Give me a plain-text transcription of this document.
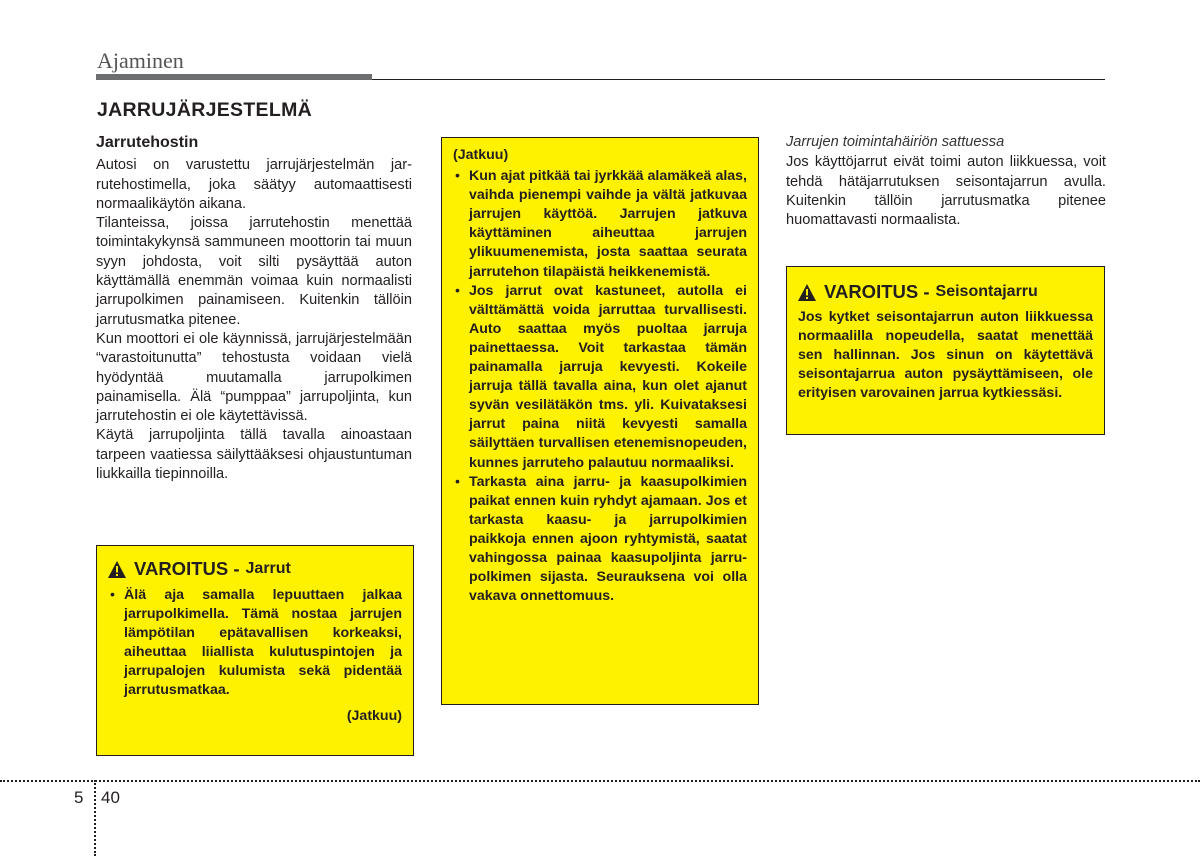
Ajaminen
JARRUJÄRJESTELMÄ

Jarrutehostin

Autosi on varustettu jarrujärjestelmän jarrutehostimella, joka säätyy automaattisesti normaalikäytön aikana.

Tilanteissa, joissa jarrutehostin menettää toimintakykynsä sammuneen moottorin tai muun syyn johdosta, voit silti pysäyttää auton käyttämällä enemmän voimaa kuin normaalisti jarrupolkimen painamiseen. Kuitenkin tällöin jarrutusmatka pitenee.

Kun moottori ei ole käynnissä, jarrujärjestelmään “varastoitunutta” tehostusta voidaan vielä hyödyntää muutamalla jarrupolkimen painamisella. Älä “pumppaa” jarrupoljinta, kun jarrutehostin ei ole käytettävissä.

Käytä jarrupoljinta tällä tavalla ainoastaan tarpeen vaatiessa säilyttääksesi ohjaustuntuman liukkailla tiepinnoilla.

VAROITUS - Jarrut
• Älä aja samalla lepuuttaen jalkaa jarrupolkimella. Tämä nostaa jarrujen lämpötilan epätavallisen korkeaksi, aiheuttaa liiallista kulutuspintojen ja jarrupalojen kulumista sekä pidentää jarrutusmatkaa.
(Jatkuu)
(Jatkuu)
• Kun ajat pitkää tai jyrkkää alamäkeä alas, vaihda pienempi vaihde ja vältä jatkuvaa jarrujen käyttöä. Jarrujen jatkuva käyttäminen aiheuttaa jarrujen ylikuumenemista, josta saattaa seurata jarrutehon tilapäistä heikkenemistä.
• Jos jarrut ovat kastuneet, autolla ei välttämättä voida jarruttaa turvallisesti. Auto saattaa myös puoltaa jarruja painettaessa. Voit tarkastaa tämän painamalla jarruja kevyesti. Kokeile jarruja tällä tavalla aina, kun olet ajanut syvän vesilätäkön tms. yli. Kuivataksesi jarrut paina niitä kevyesti samalla säilyttäen turvallisen etenemisnopeuden, kunnes jarruteho palautuu normaaliksi.
• Tarkasta aina jarru- ja kaasupolkimien paikat ennen kuin ryhdyt ajamaan. Jos et tarkasta kaasu- ja jarrupolkimien paikkoja ennen ajoon ryhtymistä, saatat vahingossa painaa kaasupoljinta jarrupolkimen sijasta. Seurauksena voi olla vakava onnettomuus.

Jarrujen toimintahäiriön sattuessa

Jos käyttöjarrut eivät toimi auton liikkuessa, voit tehdä hätäjarrutuksen seisontajarrun avulla. Kuitenkin tällöin jarrutusmatka pitenee huomattavasti normaalista.

VAROITUS - Seisontajarru
Jos kytket seisontajarrun auton liikkuessa normaalilla nopeudella, saatat menettää sen hallinnan. Jos sinun on käytettävä seisontajarrua auton pysäyttämiseen, ole erityisen varovainen jarrua kytkiessäsi.
5 40
